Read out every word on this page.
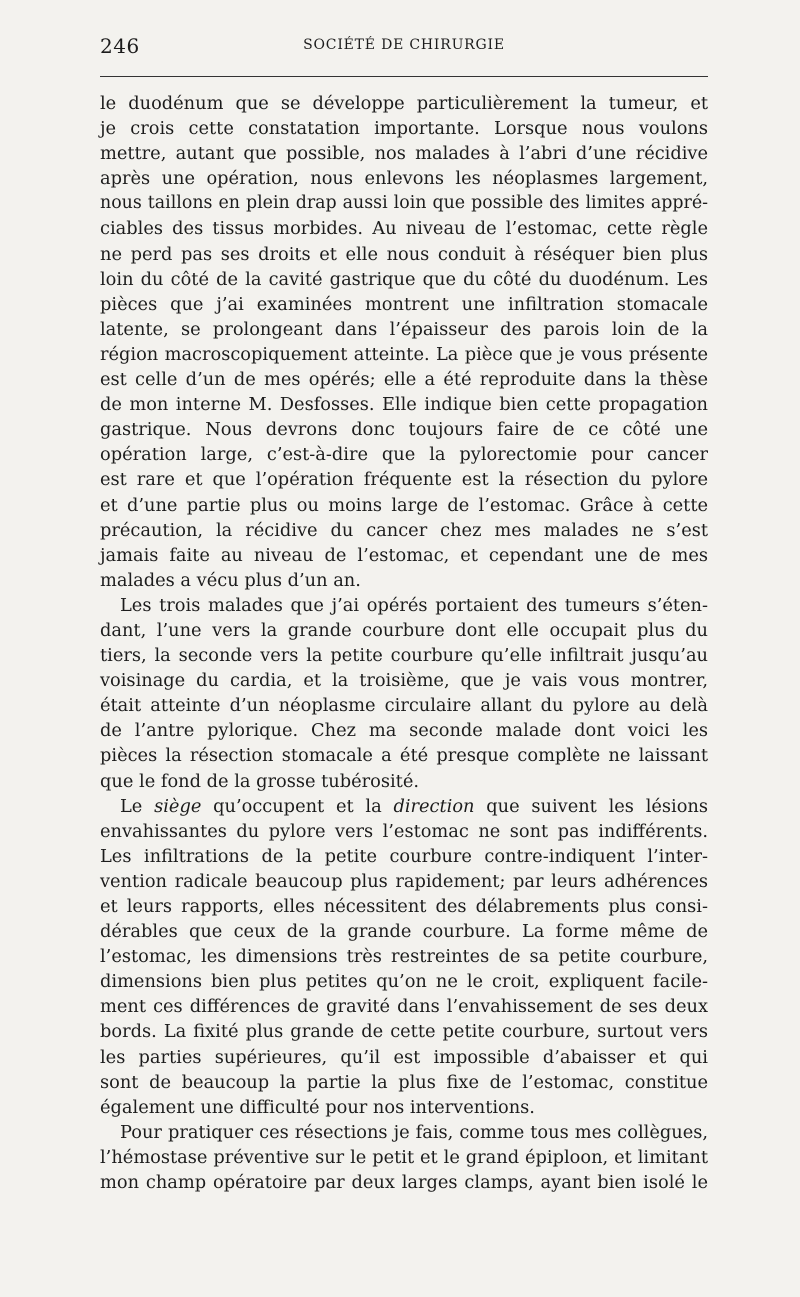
246	SOCIÉTÉ DE CHIRURGIE
le duodénum que se développe particulièrement la tumeur, et
je crois cette constatation importante. Lorsque nous voulons
mettre, autant que possible, nos malades à l’abri d’une récidive
après une opération, nous enlevons les néoplasmes largement,
nous taillons en plein drap aussi loin que possible des limites appré-
ciables des tissus morbides. Au niveau de l’estomac, cette règle
ne perd pas ses droits et elle nous conduit à réséquer bien plus
loin du côté de la cavité gastrique que du côté du duodénum. Les
pièces que j’ai examinées montrent une infiltration stomacale
latente, se prolongeant dans l’épaisseur des parois loin de la
région macroscopiquement atteinte. La pièce que je vous présente
est celle d’un de mes opérés; elle a été reproduite dans la thèse
de mon interne M. Desfosses. Elle indique bien cette propagation
gastrique. Nous devrons donc toujours faire de ce côté une
opération large, c’est-à-dire que la pylorectomie pour cancer
est rare et que l’opération fréquente est la résection du pylore
et d’une partie plus ou moins large de l’estomac. Grâce à cette
précaution, la récidive du cancer chez mes malades ne s’est
jamais faite au niveau de l’estomac, et cependant une de mes
malades a vécu plus d’un an.
Les trois malades que j’ai opérés portaient des tumeurs s’éten-
dant, l’une vers la grande courbure dont elle occupait plus du
tiers, la seconde vers la petite courbure qu’elle infiltrait jusqu’au
voisinage du cardia, et la troisième, que je vais vous montrer,
était atteinte d’un néoplasme circulaire allant du pylore au delà
de l’antre pylorique. Chez ma seconde malade dont voici les
pièces la résection stomacale a été presque complète ne laissant
que le fond de la grosse tubérosité.
Le siège qu’occupent et la direction que suivent les lésions
envahissantes du pylore vers l’estomac ne sont pas indifférents.
Les infiltrations de la petite courbure contre-indiquent l’inter-
vention radicale beaucoup plus rapidement; par leurs adhérences
et leurs rapports, elles nécessitent des délabrements plus consi-
dérables que ceux de la grande courbure. La forme même de
l’estomac, les dimensions très restreintes de sa petite courbure,
dimensions bien plus petites qu’on ne le croit, expliquent facile-
ment ces différences de gravité dans l’envahissement de ses deux
bords. La fixité plus grande de cette petite courbure, surtout vers
les parties supérieures, qu’il est impossible d’abaisser et qui
sont de beaucoup la partie la plus fixe de l’estomac, constitue
également une difficulté pour nos interventions.
Pour pratiquer ces résections je fais, comme tous mes collègues,
l’hémostase préventive sur le petit et le grand épiploon, et limitant
mon champ opératoire par deux larges clamps, ayant bien isolé le
